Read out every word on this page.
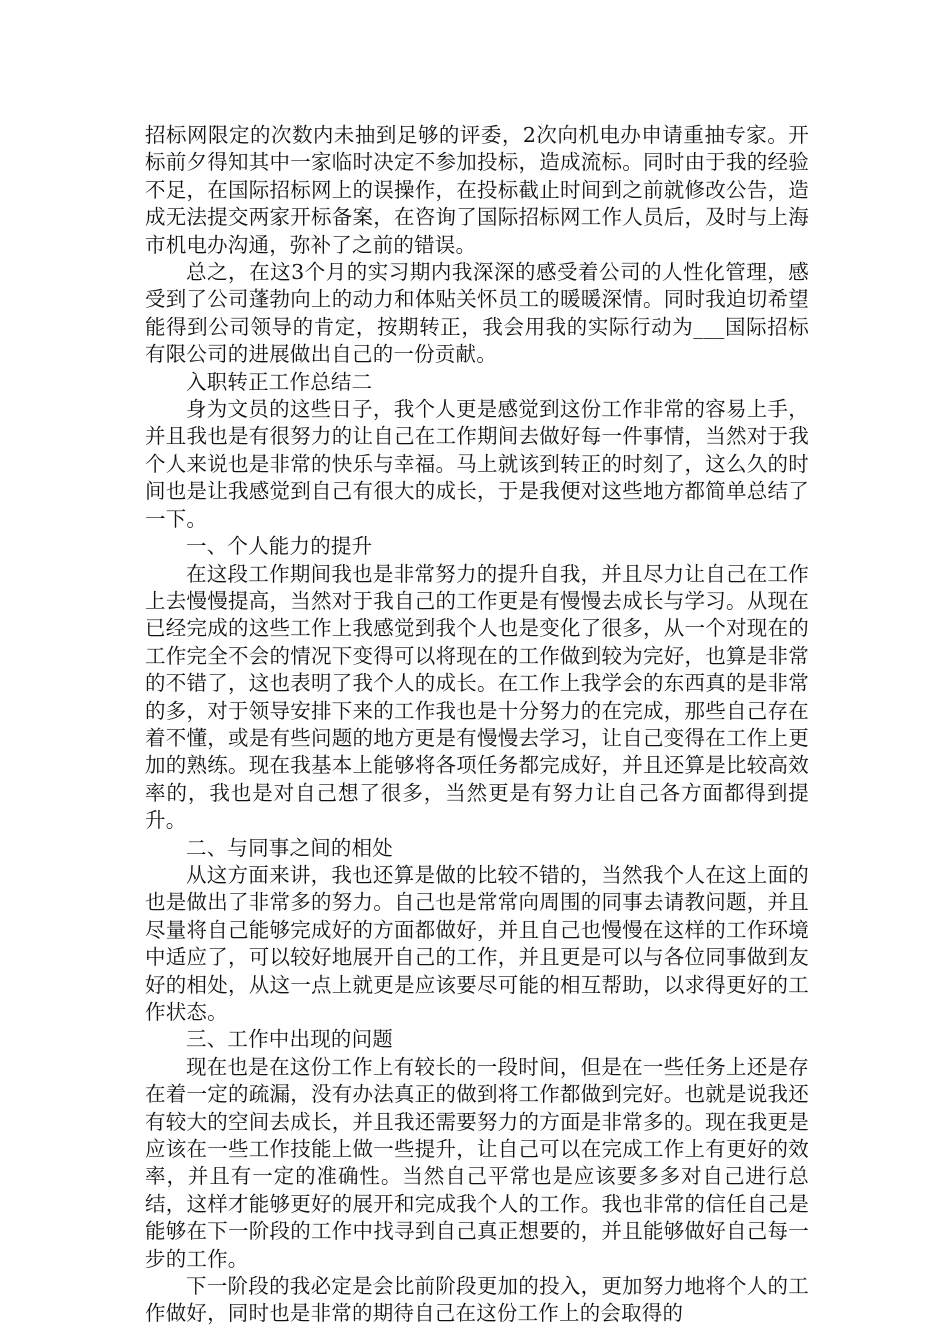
招标网限定的次数内未抽到足够的评委，2次向机电办申请重抽专家。开标前夕得知其中一家临时决定不参加投标，造成流标。同时由于我的经验不足，在国际招标网上的误操作，在投标截止时间到之前就修改公告，造成无法提交两家开标备案，在咨询了国际招标网工作人员后，及时与上海市机电办沟通，弥补了之前的错误。

总之，在这3个月的实习期内我深深的感受着公司的人性化管理，感受到了公司蓬勃向上的动力和体贴关怀员工的暖暖深情。同时我迫切希望能得到公司领导的肯定，按期转正，我会用我的实际行动为___国际招标有限公司的进展做出自己的一份贡献。

入职转正工作总结二

身为文员的这些日子，我个人更是感觉到这份工作非常的容易上手，并且我也是有很努力的让自己在工作期间去做好每一件事情，当然对于我个人来说也是非常的快乐与幸福。马上就该到转正的时刻了，这么久的时间也是让我感觉到自己有很大的成长，于是我便对这些地方都简单总结了一下。

一、个人能力的提升

在这段工作期间我也是非常努力的提升自我，并且尽力让自己在工作上去慢慢提高，当然对于我自己的工作更是有慢慢去成长与学习。从现在已经完成的这些工作上我感觉到我个人也是变化了很多，从一个对现在的工作完全不会的情况下变得可以将现在的工作做到较为完好，也算是非常的不错了，这也表明了我个人的成长。在工作上我学会的东西真的是非常的多，对于领导安排下来的工作我也是十分努力的在完成，那些自己存在着不懂，或是有些问题的地方更是有慢慢去学习，让自己变得在工作上更加的熟练。现在我基本上能够将各项任务都完成好，并且还算是比较高效率的，我也是对自己想了很多，当然更是有努力让自己各方面都得到提升。

二、与同事之间的相处

从这方面来讲，我也还算是做的比较不错的，当然我个人在这上面的也是做出了非常多的努力。自己也是常常向周围的同事去请教问题，并且尽量将自己能够完成好的方面都做好，并且自己也慢慢在这样的工作环境中适应了，可以较好地展开自己的工作，并且更是可以与各位同事做到友好的相处，从这一点上就更是应该要尽可能的相互帮助，以求得更好的工作状态。

三、工作中出现的问题

现在也是在这份工作上有较长的一段时间，但是在一些任务上还是存在着一定的疏漏，没有办法真正的做到将工作都做到完好。也就是说我还有较大的空间去成长，并且我还需要努力的方面是非常多的。现在我更是应该在一些工作技能上做一些提升，让自己可以在完成工作上有更好的效率，并且有一定的准确性。当然自己平常也是应该要多多对自己进行总结，这样才能够更好的展开和完成我个人的工作。我也非常的信任自己是能够在下一阶段的工作中找寻到自己真正想要的，并且能够做好自己每一步的工作。

下一阶段的我必定是会比前阶段更加的投入，更加努力地将个人的工作做好，同时也是非常的期待自己在这份工作上的会取得的
